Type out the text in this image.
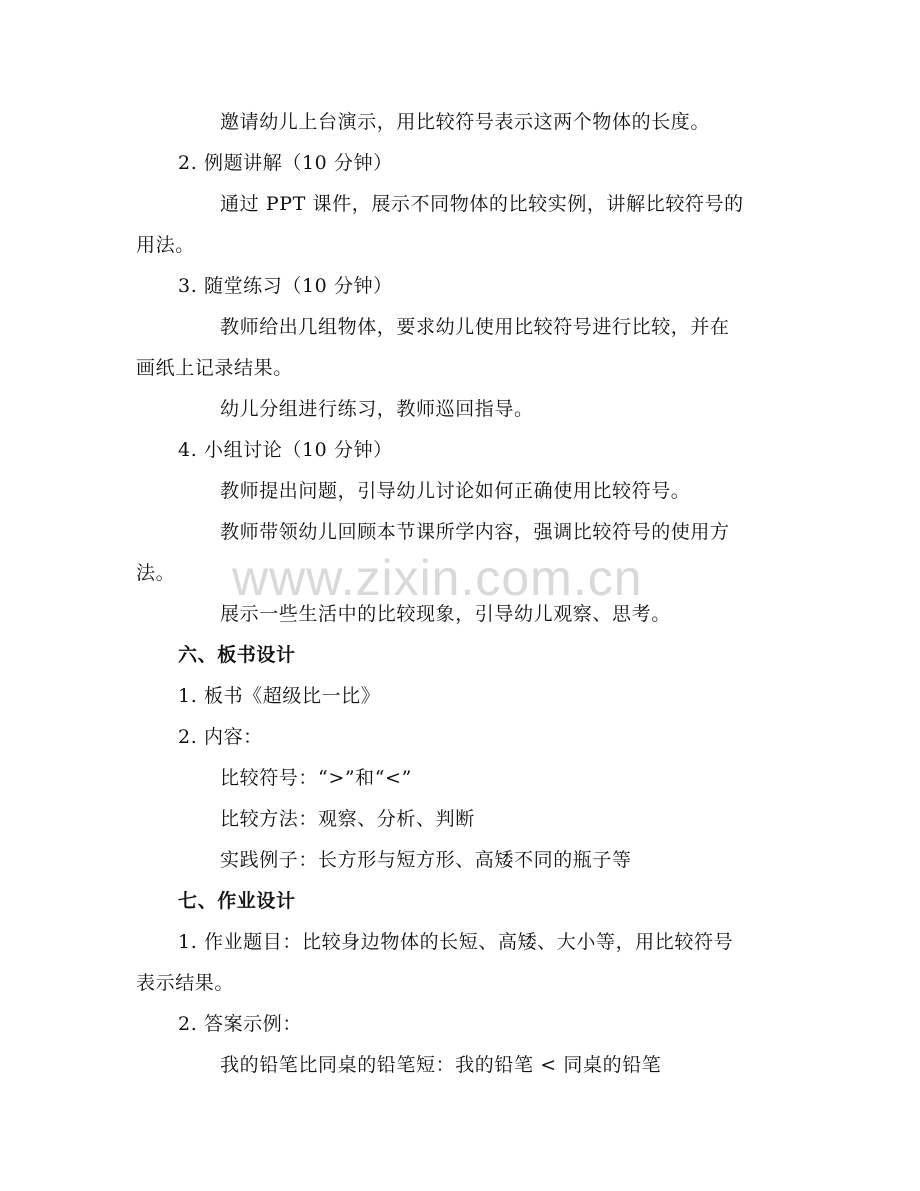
邀请幼儿上台演示，用比较符号表示这两个物体的长度。

2. 例题讲解（10 分钟）

通过 PPT 课件，展示不同物体的比较实例，讲解比较符号的

用法。

3. 随堂练习（10 分钟）

教师给出几组物体，要求幼儿使用比较符号进行比较，并在

画纸上记录结果。

幼儿分组进行练习，教师巡回指导。

4. 小组讨论（10 分钟）

教师提出问题，引导幼儿讨论如何正确使用比较符号。

教师带领幼儿回顾本节课所学内容，强调比较符号的使用方

法。

展示一些生活中的比较现象，引导幼儿观察、思考。

六、板书设计

1. 板书《超级比一比》

2. 内容：

比较符号：“>”和“<”

比较方法：观察、分析、判断

实践例子：长方形与短方形、高矮不同的瓶子等

七、作业设计

1. 作业题目：比较身边物体的长短、高矮、大小等，用比较符号

表示结果。

2. 答案示例：

我的铅笔比同桌的铅笔短：我的铅笔 < 同桌的铅笔

www.zixin.com.cn
